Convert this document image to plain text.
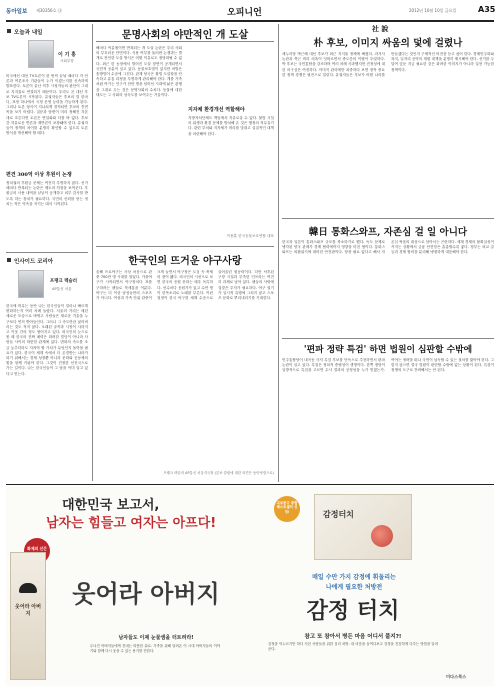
동아일보 제30356호 ㉯	오피니언	2012년 10월 10일 금요일	A35
오늘과 내일
이 기 홍
사회부장
미국에선 대선 TV토론이 한 번씩 끝날 때마다 각 언론과 여론조사 기관들이 누가 이겼는지를 신속하게 발표한다. 토론이 끝난 직후 시청자들의 판단이 그대로 지지율로 연결되기 때문이다. 우리도 곧 대선 후보 TV토론이 시작된다. 유권자들은 후보의 말 한마디, 표정 하나에서 국정 운영 능력을 가늠하게 된다. 그러나 토론 형식이 지나치게 경직되면 후보의 진면목을 보기 어렵다. 질문과 답변이 미리 정해진 각본대로 흐른다면 토론은 연설회와 다를 바 없다. 후보 간 자유로운 반론과 재반론이 보장돼야 한다. 유권자들이 정책의 차이를 분명히 확인할 수 있도록 토론 방식을 개선해야 할 때다.
편견 300억 이상 후원이 논쟁
정치권의 후원금 문제는 여전히 투명하지 않다. 선거 때마다 반복되는 논란은 제도의 허점을 보여준다. 후원금의 사용 내역을 낱낱이 공개하고 외부 감사를 받도록 하는 장치가 필요하다. 국민의 신뢰를 얻는 정치는 작은 약속을 지키는 데서 시작된다.
인사이드 코리아
프랭크 렉슬러
AP통신 서울
한국에 머무는 동안 나는 한국인들이 얼마나 빠르게 변화하는지 여러 차례 놀랐다. 서울의 거리는 매년 새로운 모습으로 바뀌고 사람들은 새로운 기술을 누구보다 먼저 받아들인다. 그러나 그 속도만큼 잃어버리는 것도 적지 않다. 오래된 골목과 시장이 사라지고 이웃 간의 정도 옅어지고 있다. 외국인의 눈으로 볼 때 한국의 진짜 매력은 화려한 빌딩이 아니라 사람들 사이의 따뜻한 관계에 있다. 변화의 속도를 조금 늦추더라도 지켜야 할 가치가 무엇인지 돌아볼 필요가 있다. 한국이 세계 속에서 더 존경받는 나라가 되기 위해서는 경제 성장뿐 아니라 문화와 공동체의 힘을 함께 키워야 한다. 그것이 진정한 선진국으로 가는 길이다. 나는 한국인들이 그 답을 이미 알고 있다고 믿는다.
문명사회의 야만적인 개 도살
해마다 여름철이면 반복되는 개 도살 논란은 우리 사회의 부끄러운 단면이다. 식용 여부를 둘러싼 논쟁과는 별개로 잔인한 도살 방식은 어떤 이유로도 정당화될 수 없다. 최근 한 농장에서 벌어진 도살 장면이 공개되면서 국민적 공분이 일고 있다. 동물보호법이 있지만 처벌은 솜방망이 수준에 그친다. 관계 당국은 불법 도살장을 단속하고 유통 과정을 투명하게 관리해야 한다. 개를 가족처럼 여기는 인구가 천만 명을 넘어선 시대에 낡은 관행을 그대로 두는 것은 문명사회의 수치다. 동물에 대한 태도는 그 사회의 성숙도를 보여주는 거울이다.
지자체 환경개선 역할해야
지방자치단체도 책임에서 자유로울 수 없다. 불법 시설의 위생과 환경 문제를 방치해 온 것은 행정의 직무유기다. 관련 부처와 지자체가 머리를 맞대고 실질적인 대책을 마련해야 한다.
이용훈 한국동물보호연합 대표
한국인의 뜨거운 야구사랑
올해 프로야구는 사상 처음으로 관중 700만 명 시대를 열었다. 가을야구가 시작되면서 야구장마다 표를 구하려는 팬들로 북새통을 이룬다. 야구는 더 이상 남성들만의 스포츠가 아니다. 여성과 가족 단위 관중이 크게 늘면서 야구장은 도심 속 축제의 장이 됐다. 외국인의 시선으로 보면 한국의 응원 문화는 매우 독특하다. 선수마다 응원가가 있고 수만 명이 한목소리로 노래를 부른다. 이런 열정이 한국 야구를 세계 수준으로 끌어올린 원동력이다. 다만 낙후된 구장 시설과 부족한 인프라는 여전히 과제로 남아 있다. 팬들의 사랑에 걸맞은 투자가 필요하다. 야구 열기가 일시적 유행에 그치지 않고 스포츠 문화로 뿌리내리기를 기대한다.
프랭크 렉슬러 AP통신 서울지국장 (본보 칼럼에 대한 의견은 동아닷컴으로)
社 說
朴 후보, 이미지 싸움의 덫에 걸렸나
새누리당 박근혜 대선 후보가 최근 지지율 정체에 빠졌다. 과거사 논란과 측근 비리 의혹이 잇따르면서 중도층의 이탈이 뚜렷하다. 박 후보는 국민통합을 강조하며 여러 차례 사과했지만 진정성에 대한 의구심은 여전하다. 이미지 관리에만 치중하다 보면 정작 중요한 정책 경쟁은 뒷전으로 밀린다. 유권자들은 후보가 어떤 나라를 만들겠다는 것인지 구체적인 비전을 듣고 싶어 한다. 경제민주화와 복지, 일자리 공약의 재원 대책을 분명히 제시해야 한다. 선거를 두 달여 앞둔 지금 필요한 것은 화려한 이미지가 아니라 실현 가능한 정책이다.
韓日 통화스와프, 자존심 걸 일 아니다
한국과 일본이 통화스와프 규모를 축소하기로 했다. 독도 문제로 냉각된 양국 관계가 경제 협력에까지 영향을 미친 셈이다. 통화스와프는 외환위기에 대비한 안전판이다. 당장 필요 없다고 해서 자존심 싸움의 대상으로 삼아서는 곤란하다. 세계 경제의 불확실성이 커지는 상황에서 금융 안전망은 촘촘할수록 좋다. 정부는 외교 갈등과 경제 협력을 분리해 냉정하게 대응해야 한다.
'편파 정략 특검' 하면 법원이 심판할 수밖에
민주통합당이 내곡동 사저 특검 후보를 단독으로 추천하면서 편파 논란이 일고 있다. 특검은 정치적 중립성이 생명이다. 한쪽 정당이 일방적으로 특검을 고르면 수사 결과의 공정성을 누가 믿겠는가. 여야는 정략을 떠나 국민이 납득할 수 있는 절차를 밟아야 한다. 그렇지 않으면 결국 법원이 판단할 수밖에 없는 상황이 된다. 특검이 정쟁의 도구로 전락해서는 안 된다.
대한민국 보고서,
남자는 힘들고 여자는 아프다!
화제의 신간
웃어라 아버지
웃어라 아버지
남자들도 이제 눈물샘을 터트려라!
무너진 아버지들에게 건네는 따뜻한 위로. 가족을 위해 달려온 이 시대 아버지들의 이야기와 함께 다시 웃을 수 있는 용기를 전한다.
교보문고 종합베스트셀러 선정!	감정터치
매일 수만 가지 감정에 휘둘리는
나에게 필요한 처방전
감정 터치
참고 또 참아서 병든 마음 어디서 풀지?!
감정을 억누르기만 하다 지친 사람들을 위한 심리 처방. 내 마음을 들여다보고 감정을 건강하게 다루는 방법을 알려준다.
미다스북스
